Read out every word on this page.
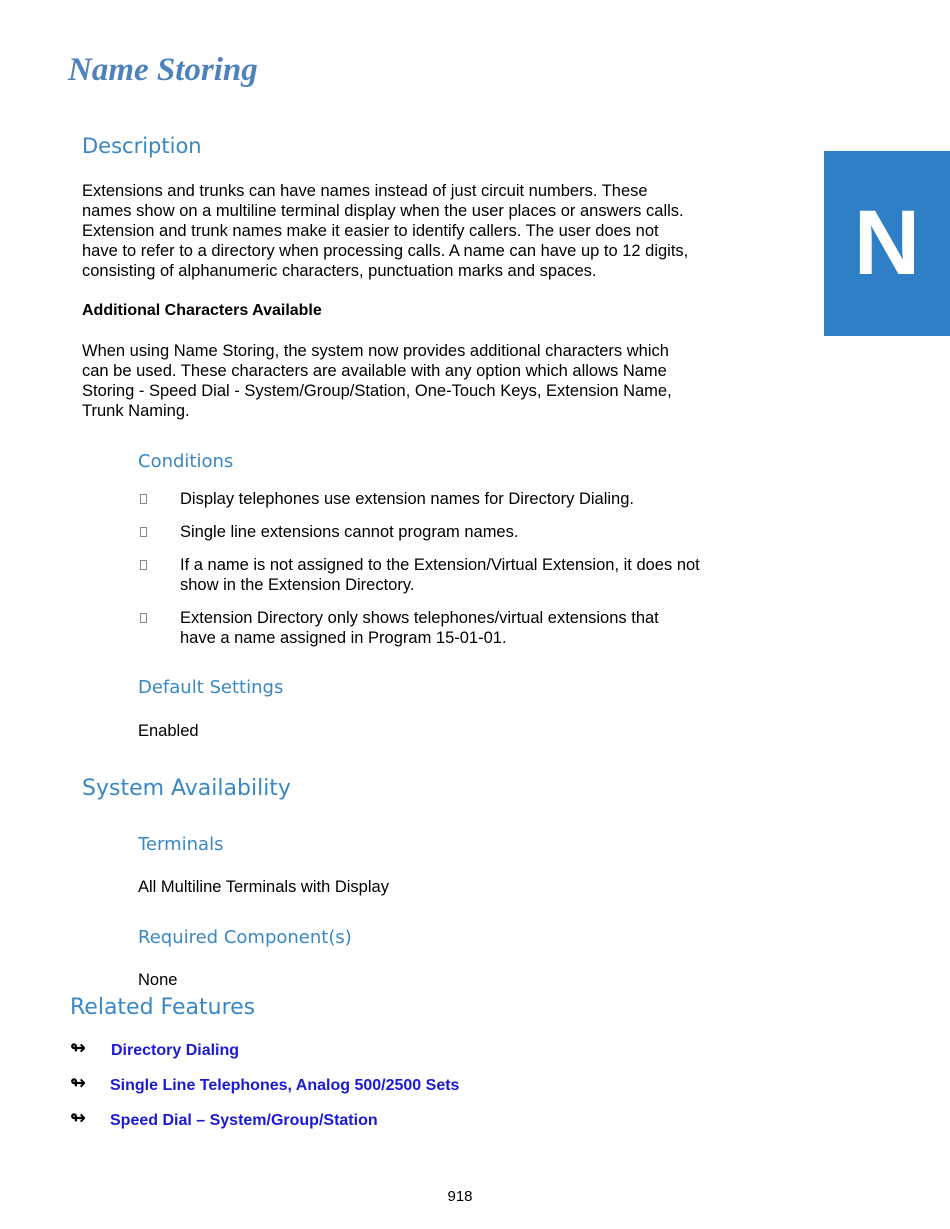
Name Storing
N
Description
Extensions and trunks can have names instead of just circuit numbers. These
names show on a multiline terminal display when the user places or answers calls.
Extension and trunk names make it easier to identify callers. The user does not
have to refer to a directory when processing calls. A name can have up to 12 digits,
consisting of alphanumeric characters, punctuation marks and spaces.
Additional Characters Available
When using Name Storing, the system now provides additional characters which
can be used. These characters are available with any option which allows Name
Storing - Speed Dial - System/Group/Station, One-Touch Keys, Extension Name,
Trunk Naming.
Conditions
Display telephones use extension names for Directory Dialing.
Single line extensions cannot program names.
If a name is not assigned to the Extension/Virtual Extension, it does not
show in the Extension Directory.
Extension Directory only shows telephones/virtual extensions that
have a name assigned in Program 15-01-01.
Default Settings
Enabled
System Availability
Terminals
All Multiline Terminals with Display
Required Component(s)
None
Related Features
↬ Directory Dialing
↬ Single Line Telephones, Analog 500/2500 Sets
↬ Speed Dial – System/Group/Station
918
